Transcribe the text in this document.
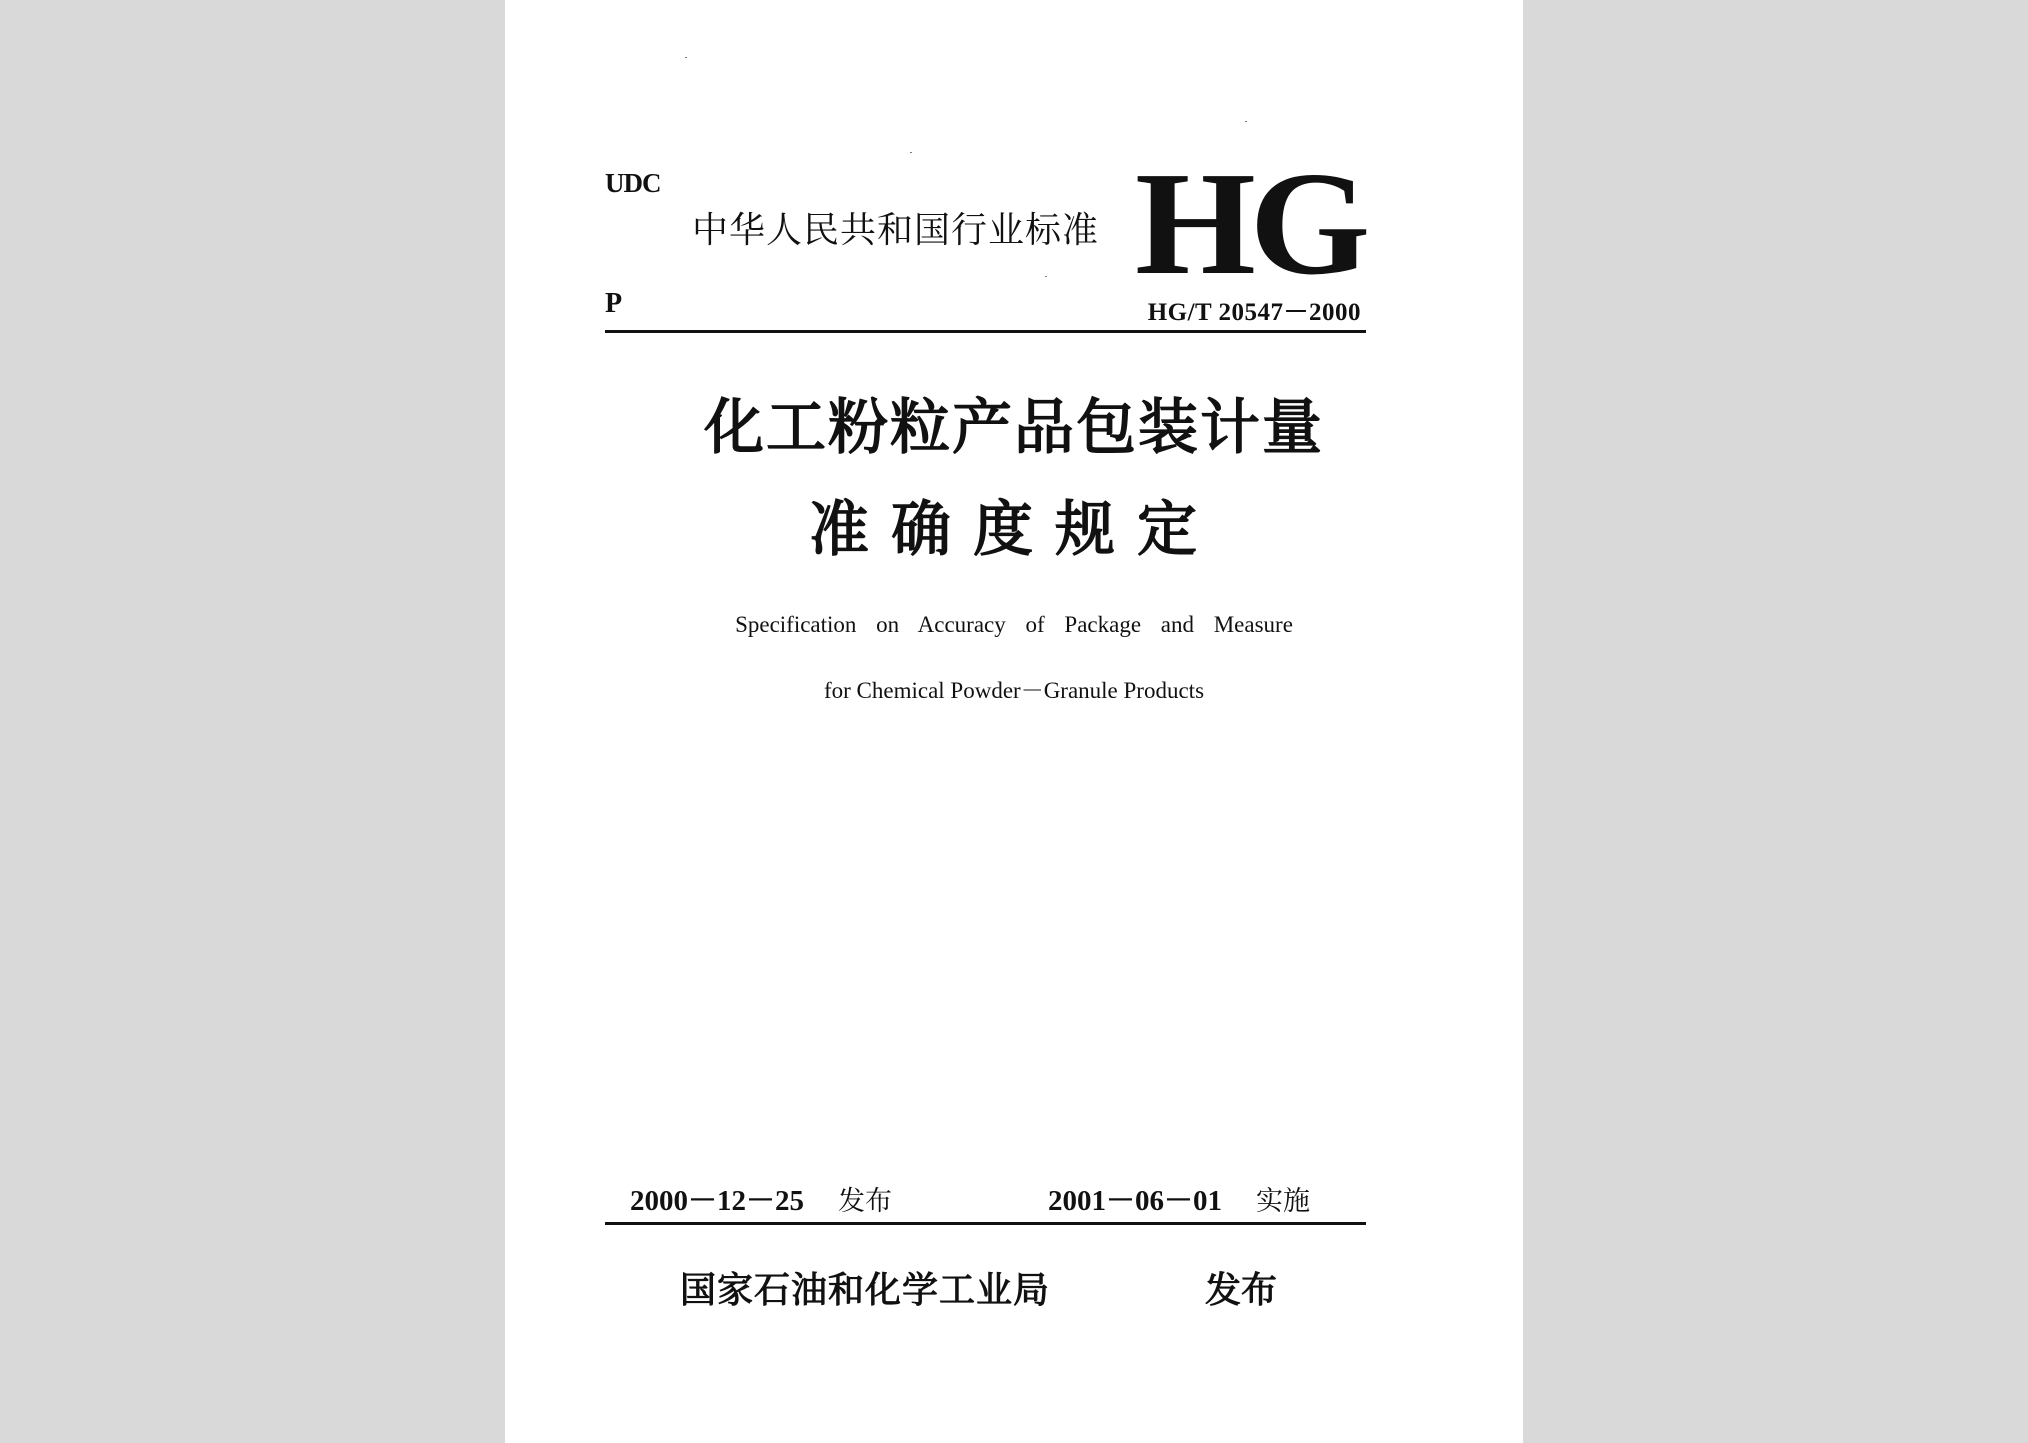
UDC
中华人民共和国行业标准 HG
P	HG/T 20547－2000
化工粉粒产品包装计量
准确度规定
Specification on Accuracy of Package and Measure
for Chemical Powder－Granule Products
2000－12－25 发布	2001－06－01 实施
国家石油和化学工业局	发布
